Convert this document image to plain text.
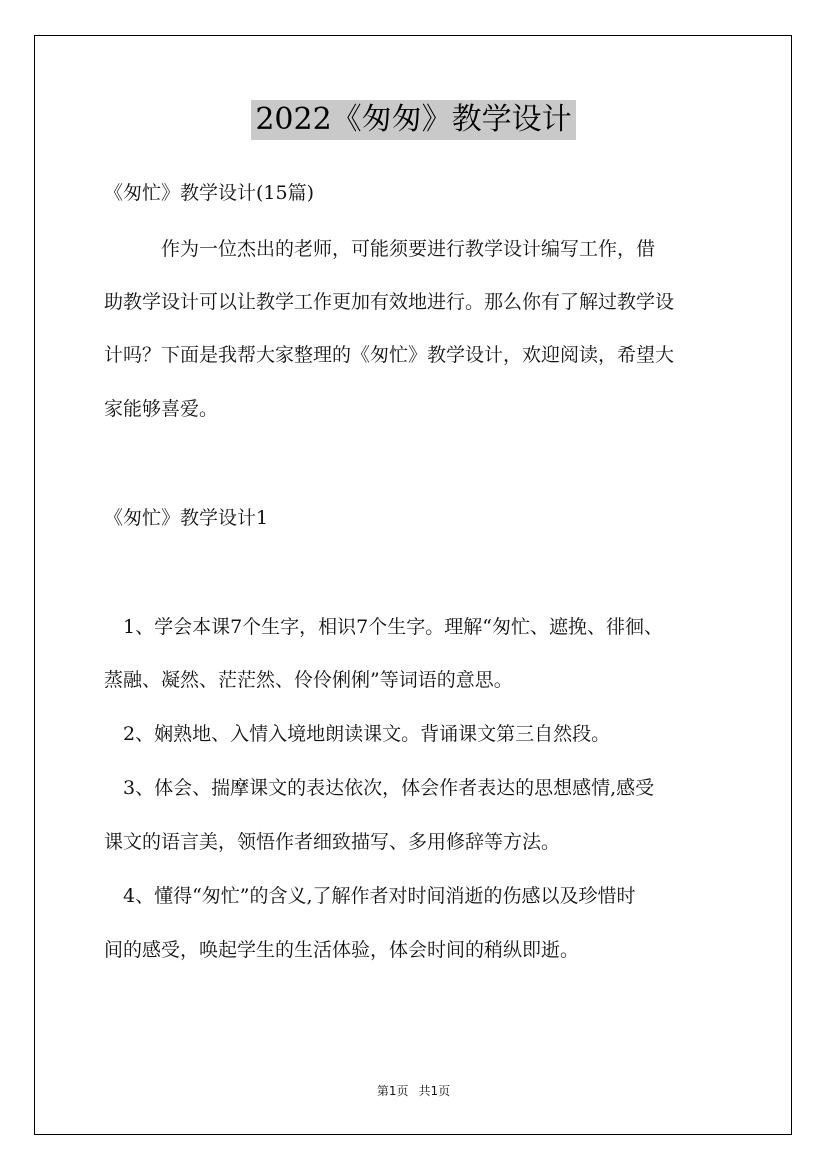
2022《匆匆》教学设计
《匆忙》教学设计(15篇)
　　　作为一位杰出的老师，可能须要进行教学设计编写工作，借
助教学设计可以让教学工作更加有效地进行。那么你有了解过教学设
计吗？下面是我帮大家整理的《匆忙》教学设计，欢迎阅读，希望大
家能够喜爱。
《匆忙》教学设计1
　1、学会本课7个生字，相识7个生字。理解“匆忙、遮挽、徘徊、
蒸融、凝然、茫茫然、伶伶俐俐”等词语的意思。
　2、娴熟地、入情入境地朗读课文。背诵课文第三自然段。
　3、体会、揣摩课文的表达依次，体会作者表达的思想感情,感受
课文的语言美，领悟作者细致描写、多用修辞等方法。
　4、懂得“匆忙”的含义,了解作者对时间消逝的伤感以及珍惜时
间的感受，唤起学生的生活体验，体会时间的稍纵即逝。
第1页 共1页
